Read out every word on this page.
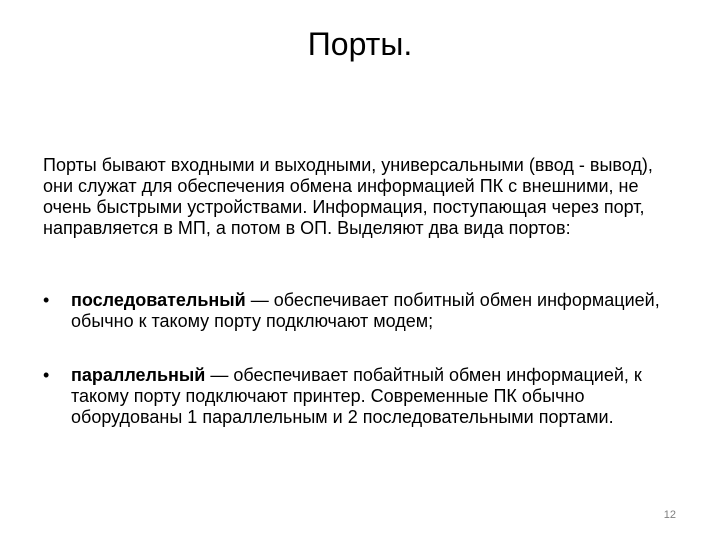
Порты.

Порты бывают входными и выходными, универсальными (ввод - вывод), они служат для обеспечения обмена информацией ПК с внешними, не очень быстрыми устройствами. Информация, поступающая через порт, направляется в МП, а потом в ОП. Выделяют два вида портов:

• последовательный — обеспечивает побитный обмен информацией, обычно к такому порту подключают модем;
• параллельный — обеспечивает побайтный обмен информацией, к такому порту подключают принтер. Современные ПК обычно оборудованы 1 параллельным и 2 последовательными портами.
12
